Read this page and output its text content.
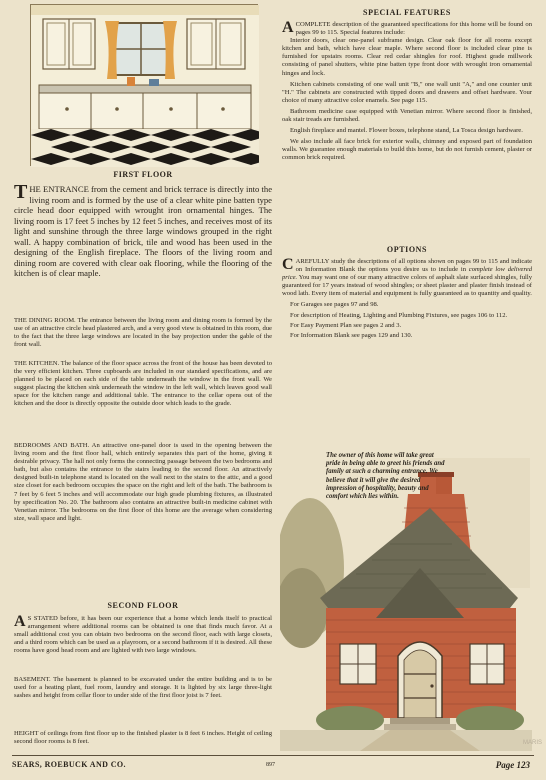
FIRST FLOOR

THE ENTRANCE from the cement and brick terrace is directly into the living room and is formed by the use of a clear white pine batten type circle head door equipped with wrought iron ornamental hinges. The living room is 17 feet 5 inches by 12 feet 5 inches, and receives most of its light and sunshine through the three large windows grouped in the right wall. A happy combination of brick, tile and wood has been used in the designing of the English fireplace. The floors of the living room and dining room are covered with clear oak flooring, while the flooring of the kitchen is of clear maple.

THE DINING ROOM. The entrance between the living room and dining room is formed by the use of an attractive circle head plastered arch, and a very good view is obtained in this room, due to the fact that the three large windows are located in the bay projection under the gable of the front wall.

THE KITCHEN. The balance of the floor space across the front of the house has been devoted to the very efficient kitchen. Three cupboards are included in our standard specifications, and are planned to be placed on each side of the table underneath the window in the front wall. We suggest placing the kitchen sink underneath the window in the left wall, which leaves good wall space for the kitchen range and additional table. The entrance to the cellar opens out of the kitchen and the door is directly opposite the outside door which leads to the grade.

BEDROOMS AND BATH. An attractive one-panel door is used in the opening between the living room and the first floor hall, which entirely separates this part of the home, giving it desirable privacy. The hall not only forms the connecting passage between the two bedrooms and bath, but also contains the entrance to the stairs leading to the second floor. An attractively designed built-in telephone stand is located on the wall next to the stairs to the attic, and a good size closet for each bedroom occupies the space on the right and left of the bath. The bathroom is 7 feet by 6 feet 5 inches and will accommodate our high grade plumbing fixtures, as illustrated by specification No. 20. The bathroom also contains an attractive built-in medicine cabinet with Venetian mirror. The bedrooms on the first floor of this home are the average when considering size, wall space and light.

SECOND FLOOR

A S STATED before, it has been our experience that a home which lends itself to practical arrangement where additional rooms can be obtained is one that finds much favor. At a small additional cost you can obtain two bedrooms on the second floor, each with large closets, and a third room which can be used as a playroom, or a second bathroom if it is desired. All these rooms have good head room and are lighted with two large windows.

BASEMENT. The basement is planned to be excavated under the entire building and is to be used for a heating plant, fuel room, laundry and storage. It is lighted by six large three-light sashes and height from cellar floor to under side of the first floor joist is 7 feet.

HEIGHT of ceilings from first floor up to the finished plaster is 8 feet 6 inches. Height of ceiling second floor rooms is 8 feet.

SPECIAL FEATURES

A COMPLETE description of the guaranteed specifications for this home will be found on pages 99 to 115. Special features include:

Interior doors, clear one-panel subframe design. Clear oak floor for all rooms except kitchen and bath, which have clear maple. Where second floor is included clear pine is furnished for upstairs rooms. Clear red cedar shingles for roof. Highest grade millwork consisting of panel shutters, white pine batten type front door with wrought iron ornamental hinges and lock.

Kitchen cabinets consisting of one wall unit "B," one wall unit "A," and one counter unit "H." The cabinets are constructed with tipped doors and drawers and offset hardware. Your choice of many attractive color enamels. See page 115.

Bathroom medicine case equipped with Venetian mirror. Where second floor is finished, oak stair treads are furnished.

English fireplace and mantel. Flower boxes, telephone stand, La Tosca design hardware.

We also include all face brick for exterior walls, chimney and exposed part of foundation walls. We guarantee enough materials to build this home, but do not furnish cement, plaster or common brick required.

OPTIONS

CAREFULLY study the descriptions of all options shown on pages 99 to 115 and indicate on Information Blank the options you desire us to include in complete low delivered price. You may want one of our many attractive colors of asphalt slate surfaced shingles, fully guaranteed for 17 years instead of wood shingles; or sheet plaster and plaster finish instead of wood lath. Every item of material and equipment is fully guaranteed as to quantity and quality.

For Garages see pages 97 and 98.

For description of Heating, Lighting and Plumbing Fixtures, see pages 106 to 112.

For Easy Payment Plan see pages 2 and 3.

For Information Blank see pages 129 and 130.

The owner of this home will take great pride in being able to greet his friends and family at such a charming entrance. We believe that it will give the desired impression of hospitality, beauty and comfort which lies within.
SEARS, ROEBUCK AND CO.	897	Page 123
MARIS
